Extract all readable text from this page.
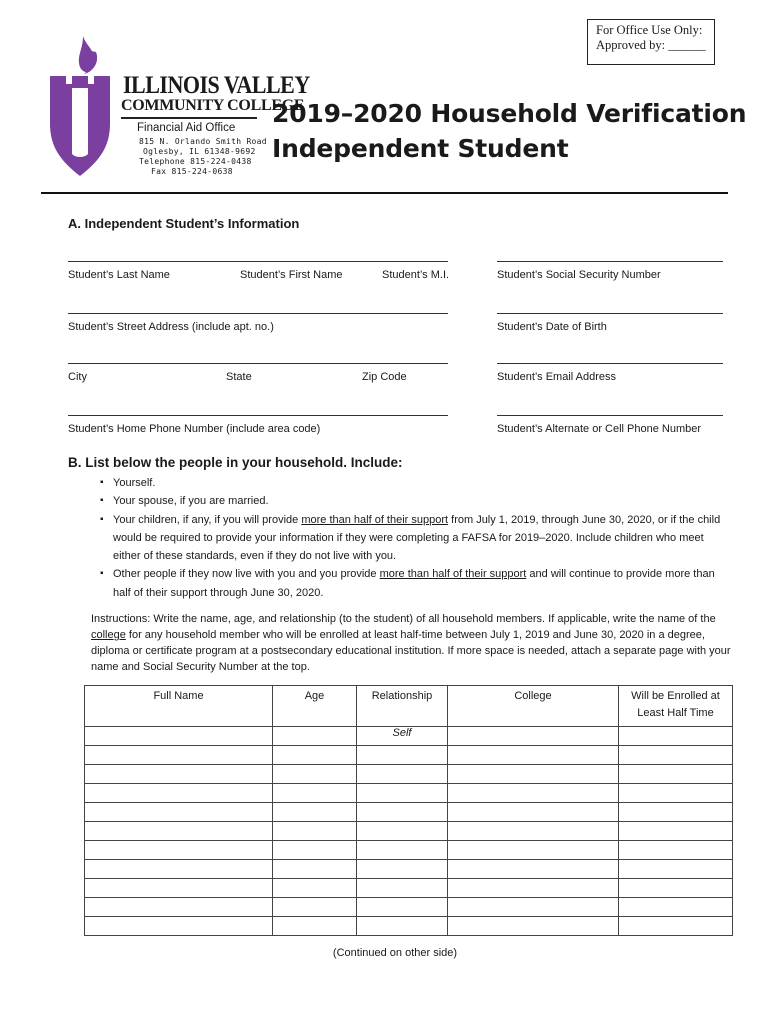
For Office Use Only:
Approved by: ______
ILLINOIS VALLEY
COMMUNITY COLLEGE
Financial Aid Office
815 N. Orlando Smith Road
Oglesby, IL 61348-9692
Telephone 815-224-0438
Fax 815-224-0638
2019–2020 Household Verification
Independent Student
A. Independent Student’s Information
Student’s Last Name	Student’s First Name	Student’s M.I.	Student’s Social Security Number
Student’s Street Address (include apt. no.)	Student’s Date of Birth
City	State	Zip Code	Student’s Email Address
Student’s Home Phone Number (include area code)	Student’s Alternate or Cell Phone Number
B. List below the people in your household. Include:
▪ Yourself.
▪ Your spouse, if you are married.
▪ Your children, if any, if you will provide more than half of their support from July 1, 2019, through June 30, 2020, or if the child would be required to provide your information if they were completing a FAFSA for 2019–2020. Include children who meet either of these standards, even if they do not live with you.
▪ Other people if they now live with you and you provide more than half of their support and will continue to provide more than half of their support through June 30, 2020.
Instructions: Write the name, age, and relationship (to the student) of all household members. If applicable, write the name of the college for any household member who will be enrolled at least half-time between July 1, 2019 and June 30, 2020 in a degree, diploma or certificate program at a postsecondary educational institution. If more space is needed, attach a separate page with your name and Social Security Number at the top.
Full Name	Age	Relationship	College	Will be Enrolled at Least Half Time
		Self		

(Continued on other side)
